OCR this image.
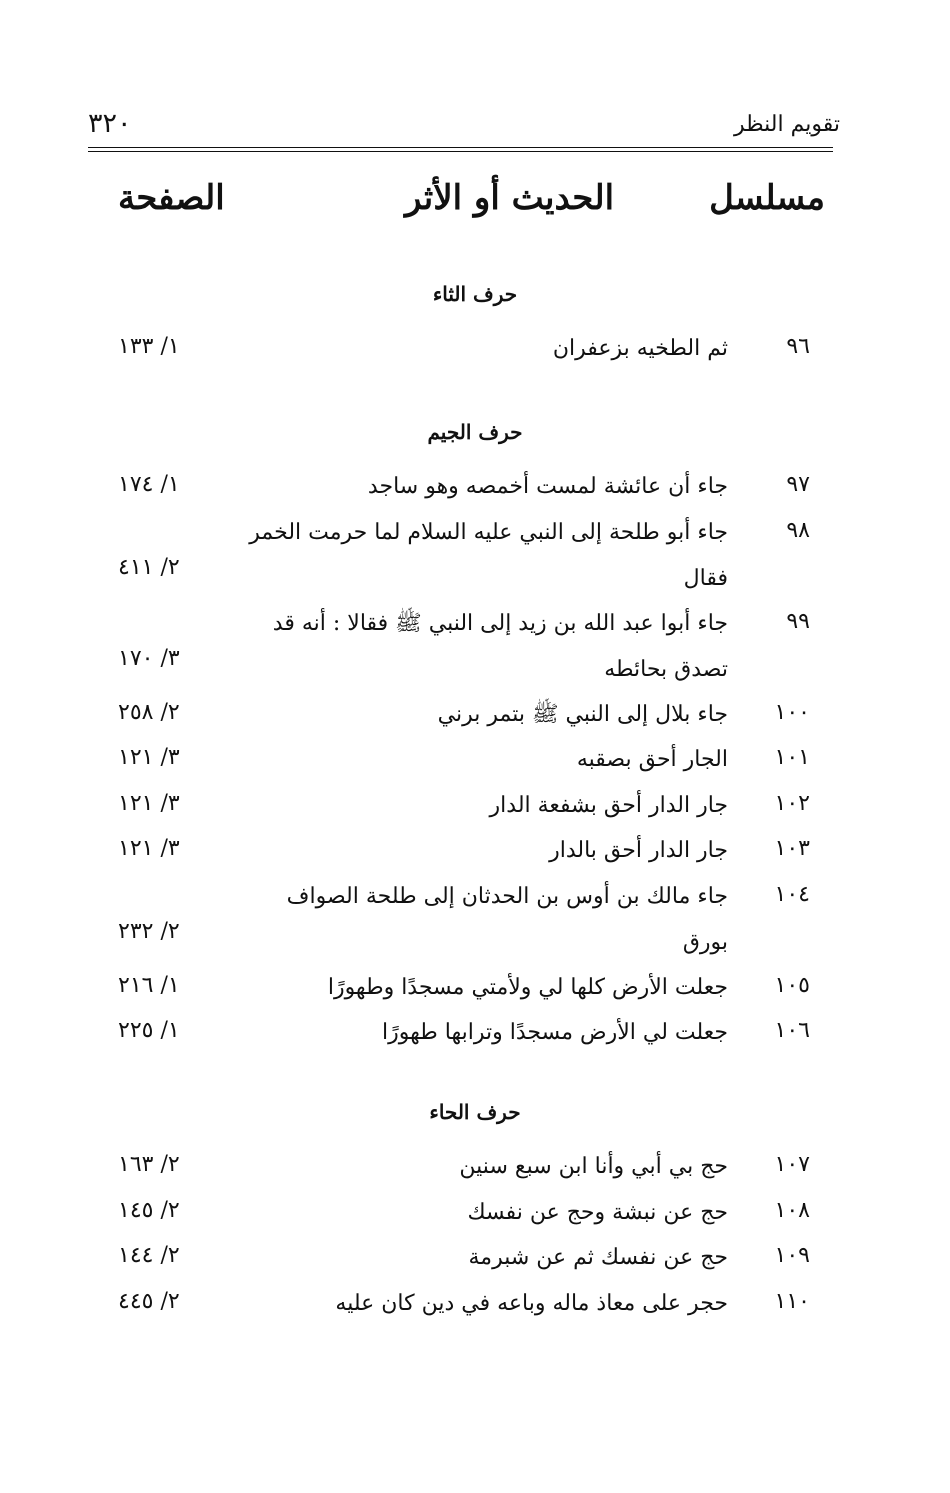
٣٢٠	تقويم النظر
مسلسل
الحديث أو الأثر
الصفحة
حرف الثاء
٩٦
ثم الطخيه بزعفران
١/ ١٣٣
حرف الجيم
٩٧
جاء أن عائشة لمست أخمصه وهو ساجد
١/ ١٧٤
٩٨
جاء أبو طلحة إلى النبي عليه السلام لما حرمت الخمر
فقال
٢/ ٤١١
٩٩
جاء أبوا عبد الله بن زيد إلى النبي ﷺ فقالا : أنه قد
تصدق بحائطه
٣/ ١٧٠
١٠٠
جاء بلال إلى النبي ﷺ بتمر برني
٢/ ٢٥٨
١٠١
الجار أحق بصقبه
٣/ ١٢١
١٠٢
جار الدار أحق بشفعة الدار
٣/ ١٢١
١٠٣
جار الدار أحق بالدار
٣/ ١٢١
١٠٤
جاء مالك بن أوس بن الحدثان إلى طلحة الصواف
بورق
٢/ ٢٣٢
١٠٥
جعلت الأرض كلها لي ولأمتي مسجدًا وطهورًا
١/ ٢١٦
١٠٦
جعلت لي الأرض مسجدًا وترابها طهورًا
١/ ٢٢٥
حرف الحاء
١٠٧
حج بي أبي وأنا ابن سبع سنين
٢/ ١٦٣
١٠٨
حج عن نبشة وحج عن نفسك
٢/ ١٤٥
١٠٩
حج عن نفسك ثم عن شبرمة
٢/ ١٤٤
١١٠
حجر على معاذ ماله وباعه في دين كان عليه
٢/ ٤٤٥
